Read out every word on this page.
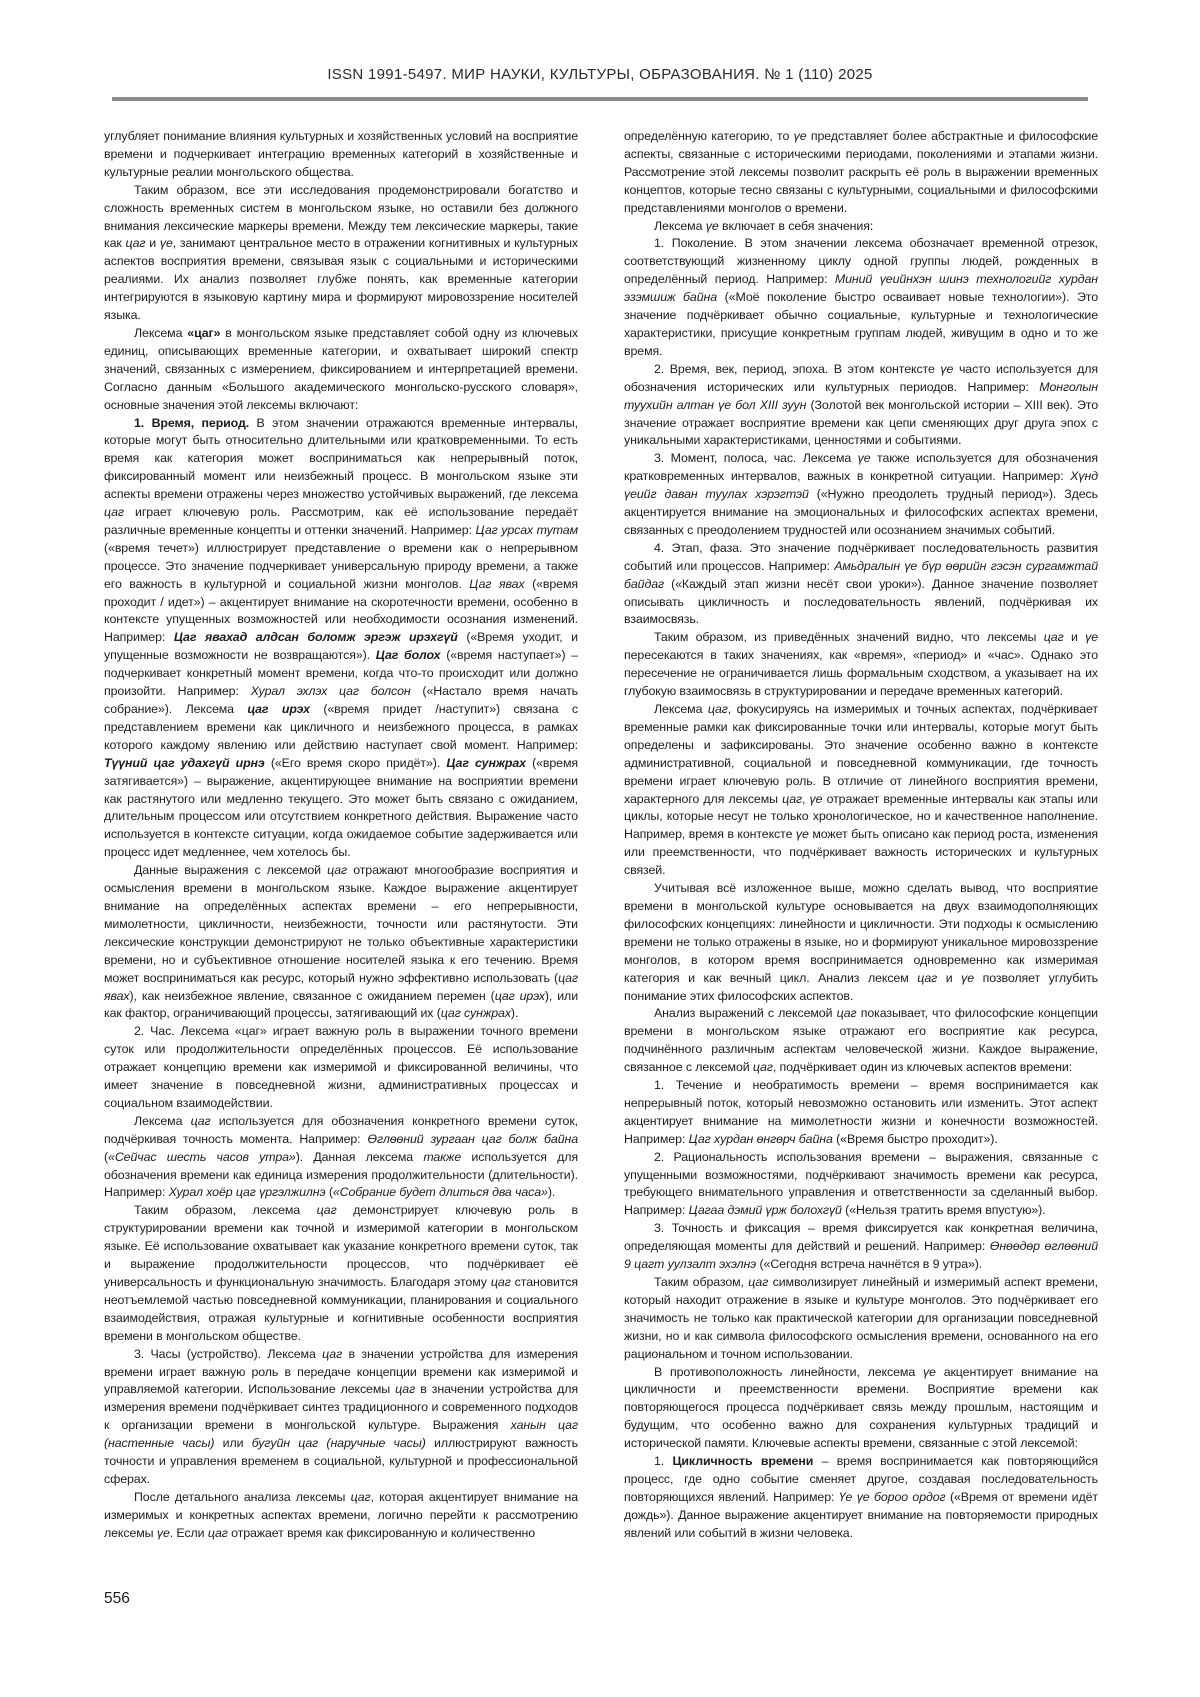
ISSN 1991-5497. МИР НАУКИ, КУЛЬТУРЫ, ОБРАЗОВАНИЯ. № 1 (110) 2025

углубляет понимание влияния культурных и хозяйственных условий на восприятие времени и подчеркивает интеграцию временных категорий в хозяйственные и культурные реалии монгольского общества.

Таким образом, все эти исследования продемонстрировали богатство и сложность временных систем в монгольском языке, но оставили без должного внимания лексические маркеры времени. Между тем лексические маркеры, такие как цаг и үе, занимают центральное место в отражении когнитивных и культурных аспектов восприятия времени, связывая язык с социальными и историческими реалиями. Их анализ позволяет глубже понять, как временные категории интегрируются в языковую картину мира и формируют мировоззрение носителей языка.

Лексема «цаг» в монгольском языке представляет собой одну из ключевых единиц, описывающих временные категории, и охватывает широкий спектр значений, связанных с измерением, фиксированием и интерпретацией времени. Согласно данным «Большого академического монгольско-русского словаря», основные значения этой лексемы включают:

1. Время, период. В этом значении отражаются временные интервалы, которые могут быть относительно длительными или кратковременными. То есть время как категория может восприниматься как непрерывный поток, фиксированный момент или неизбежный процесс. В монгольском языке эти аспекты времени отражены через множество устойчивых выражений, где лексема цаг играет ключевую роль. Рассмотрим, как её использование передаёт различные временные концепты и оттенки значений. Например: Цаг урсах тутам («время течет») иллюстрирует представление о времени как о непрерывном процессе. Это значение подчеркивает универсальную природу времени, а также его важность в культурной и социальной жизни монголов. Цаг явах («время проходит / идет») – акцентирует внимание на скоротечности времени, особенно в контексте упущенных возможностей или необходимости осознания изменений. Например: Цаг явахад алдсан боломж эргэж ирэхгүй («Время уходит, и упущенные возможности не возвращаются»). Цаг болох («время наступает») – подчеркивает конкретный момент времени, когда что-то происходит или должно произойти. Например: Хурал эхлэх цаг болсон («Настало время начать собрание»). Лексема цаг ирэх («время придет /наступит») связана с представлением времени как цикличного и неизбежного процесса, в рамках которого каждому явлению или действию наступает свой момент. Например: Түүний цаг удахгүй ирнэ («Его время скоро придёт»). Цаг сунжрах («время затягивается») – выражение, акцентирующее внимание на восприятии времени как растянутого или медленно текущего. Это может быть связано с ожиданием, длительным процессом или отсутствием конкретного действия. Выражение часто используется в контексте ситуации, когда ожидаемое событие задерживается или процесс идет медленнее, чем хотелось бы.

Данные выражения с лексемой цаг отражают многообразие восприятия и осмысления времени в монгольском языке. Каждое выражение акцентирует внимание на определённых аспектах времени – его непрерывности, мимолетности, цикличности, неизбежности, точности или растянутости. Эти лексические конструкции демонстрируют не только объективные характеристики времени, но и субъективное отношение носителей языка к его течению. Время может восприниматься как ресурс, который нужно эффективно использовать (цаг явах), как неизбежное явление, связанное с ожиданием перемен (цаг ирэх), или как фактор, ограничивающий процессы, затягивающий их (цаг сунжрах).

2. Час. Лексема «цаг» играет важную роль в выражении точного времени суток или продолжительности определённых процессов. Её использование отражает концепцию времени как измеримой и фиксированной величины, что имеет значение в повседневной жизни, административных процессах и социальном взаимодействии.

Лексема цаг используется для обозначения конкретного времени суток, подчёркивая точность момента. Например: Өглөөний зургаан цаг болж байна («Сейчас шесть часов утра»). Данная лексема также используется для обозначения времени как единица измерения продолжительности (длительности). Например: Хурал хоёр цаг үргэлжилнэ («Собрание будет длиться два часа»).

Таким образом, лексема цаг демонстрирует ключевую роль в структурировании времени как точной и измеримой категории в монгольском языке. Её использование охватывает как указание конкретного времени суток, так и выражение продолжительности процессов, что подчёркивает её универсальность и функциональную значимость. Благодаря этому цаг становится неотъемлемой частью повседневной коммуникации, планирования и социального взаимодействия, отражая культурные и когнитивные особенности восприятия времени в монгольском обществе.

3. Часы (устройство). Лексема цаг в значении устройства для измерения времени играет важную роль в передаче концепции времени как измеримой и управляемой категории. Использование лексемы цаг в значении устройства для измерения времени подчёркивает синтез традиционного и современного подходов к организации времени в монгольской культуре. Выражения ханын цаг (настенные часы) или бугуйн цаг (наручные часы) иллюстрируют важность точности и управления временем в социальной, культурной и профессиональной сферах.

После детального анализа лексемы цаг, которая акцентирует внимание на измеримых и конкретных аспектах времени, логично перейти к рассмотрению лексемы үе. Если цаг отражает время как фиксированную и количественно

определённую категорию, то үе представляет более абстрактные и философские аспекты, связанные с историческими периодами, поколениями и этапами жизни. Рассмотрение этой лексемы позволит раскрыть её роль в выражении временных концептов, которые тесно связаны с культурными, социальными и философскими представлениями монголов о времени.

Лексема үе включает в себя значения:

1. Поколение. В этом значении лексема обозначает временной отрезок, соответствующий жизненному циклу одной группы людей, рожденных в определённый период. Например: Миний үеийнхэн шинэ технологийг хурдан эзэмшиж байна («Моё поколение быстро осваивает новые технологии»). Это значение подчёркивает обычно социальные, культурные и технологические характеристики, присущие конкретным группам людей, живущим в одно и то же время.

2. Время, век, период, эпоха. В этом контексте үе часто используется для обозначения исторических или культурных периодов. Например: Монголын туухийн алтан үе бол XIII зуун (Золотой век монгольской истории – XIII век). Это значение отражает восприятие времени как цепи сменяющих друг друга эпох с уникальными характеристиками, ценностями и событиями.

3. Момент, полоса, час. Лексема үе также используется для обозначения кратковременных интервалов, важных в конкретной ситуации. Например: Хүнд үеийг даван туулах хэрэгтэй («Нужно преодолеть трудный период»). Здесь акцентируется внимание на эмоциональных и философских аспектах времени, связанных с преодолением трудностей или осознанием значимых событий.

4. Этап, фаза. Это значение подчёркивает последовательность развития событий или процессов. Например: Амьдралын үе бүр өөрийн гэсэн сургамжтай байдаг («Каждый этап жизни несёт свои уроки»). Данное значение позволяет описывать цикличность и последовательность явлений, подчёркивая их взаимосвязь.

Таким образом, из приведённых значений видно, что лексемы цаг и үе пересекаются в таких значениях, как «время», «период» и «час». Однако это пересечение не ограничивается лишь формальным сходством, а указывает на их глубокую взаимосвязь в структурировании и передаче временных категорий.

Лексема цаг, фокусируясь на измеримых и точных аспектах, подчёркивает временные рамки как фиксированные точки или интервалы, которые могут быть определены и зафиксированы. Это значение особенно важно в контексте административной, социальной и повседневной коммуникации, где точность времени играет ключевую роль. В отличие от линейного восприятия времени, характерного для лексемы цаг, үе отражает временные интервалы как этапы или циклы, которые несут не только хронологическое, но и качественное наполнение. Например, время в контексте үе может быть описано как период роста, изменения или преемственности, что подчёркивает важность исторических и культурных связей.

Учитывая всё изложенное выше, можно сделать вывод, что восприятие времени в монгольской культуре основывается на двух взаимодополняющих философских концепциях: линейности и цикличности. Эти подходы к осмыслению времени не только отражены в языке, но и формируют уникальное мировоззрение монголов, в котором время воспринимается одновременно как измеримая категория и как вечный цикл. Анализ лексем цаг и үе позволяет углубить понимание этих философских аспектов.

Анализ выражений с лексемой цаг показывает, что философские концепции времени в монгольском языке отражают его восприятие как ресурса, подчинённого различным аспектам человеческой жизни. Каждое выражение, связанное с лексемой цаг, подчёркивает один из ключевых аспектов времени:

1. Течение и необратимость времени – время воспринимается как непрерывный поток, который невозможно остановить или изменить. Этот аспект акцентирует внимание на мимолетности жизни и конечности возможностей. Например: Цаг хурдан өнгөрч байна («Время быстро проходит»).

2. Рациональность использования времени – выражения, связанные с упущенными возможностями, подчёркивают значимость времени как ресурса, требующего внимательного управления и ответственности за сделанный выбор. Например: Цагаа дэмий үрж болохгүй («Нельзя тратить время впустую»).

3. Точность и фиксация – время фиксируется как конкретная величина, определяющая моменты для действий и решений. Например: Өнөөдөр өглөөний 9 цагт уулзалт эхэлнэ («Сегодня встреча начнётся в 9 утра»).

Таким образом, цаг символизирует линейный и измеримый аспект времени, который находит отражение в языке и культуре монголов. Это подчёркивает его значимость не только как практической категории для организации повседневной жизни, но и как символа философского осмысления времени, основанного на его рациональном и точном использовании.

В противоположность линейности, лексема үе акцентирует внимание на цикличности и преемственности времени. Восприятие времени как повторяющегося процесса подчёркивает связь между прошлым, настоящим и будущим, что особенно важно для сохранения культурных традиций и исторической памяти. Ключевые аспекты времени, связанные с этой лексемой:

1. Цикличность времени – время воспринимается как повторяющийся процесс, где одно событие сменяет другое, создавая последовательность повторяющихся явлений. Например: Үе үе бороо ордог («Время от времени идёт дождь»). Данное выражение акцентирует внимание на повторяемости природных явлений или событий в жизни человека.

556
